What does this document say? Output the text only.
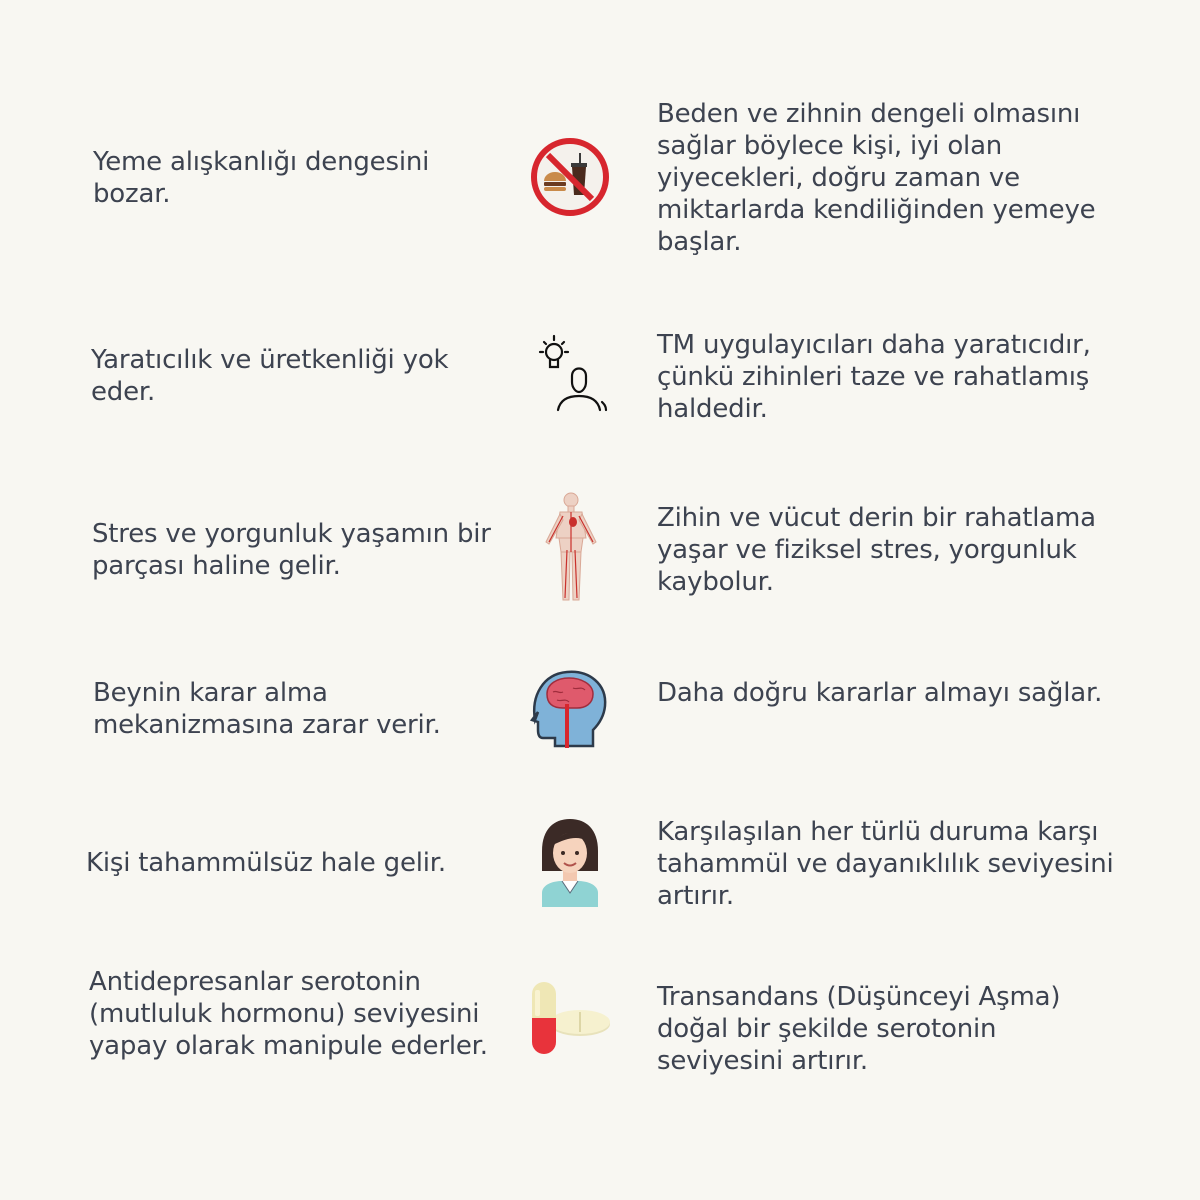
Yeme alışkanlığı dengesini bozar.

Beden ve zihnin dengeli olmasını sağlar böylece kişi, iyi olan yiyecekleri, doğru zaman ve miktarlarda kendiliğinden yemeye başlar.

Yaratıcılık ve üretkenliği yok eder.

TM uygulayıcıları daha yaratıcıdır, çünkü zihinleri taze ve rahatlamış haldedir.

Stres ve yorgunluk yaşamın bir parçası haline gelir.

Zihin ve vücut derin bir rahatlama yaşar ve fiziksel stres, yorgunluk kaybolur.

Beynin karar alma mekanizmasına zarar verir.

Daha doğru kararlar almayı sağlar.

Kişi tahammülsüz hale gelir.

Karşılaşılan her türlü duruma karşı tahammül ve dayanıklılık seviyesini artırır.

Antidepresanlar serotonin (mutluluk hormonu) seviyesini yapay olarak manipule ederler.

Transandans (Düşünceyi Aşma) doğal bir şekilde serotonin seviyesini artırır.
